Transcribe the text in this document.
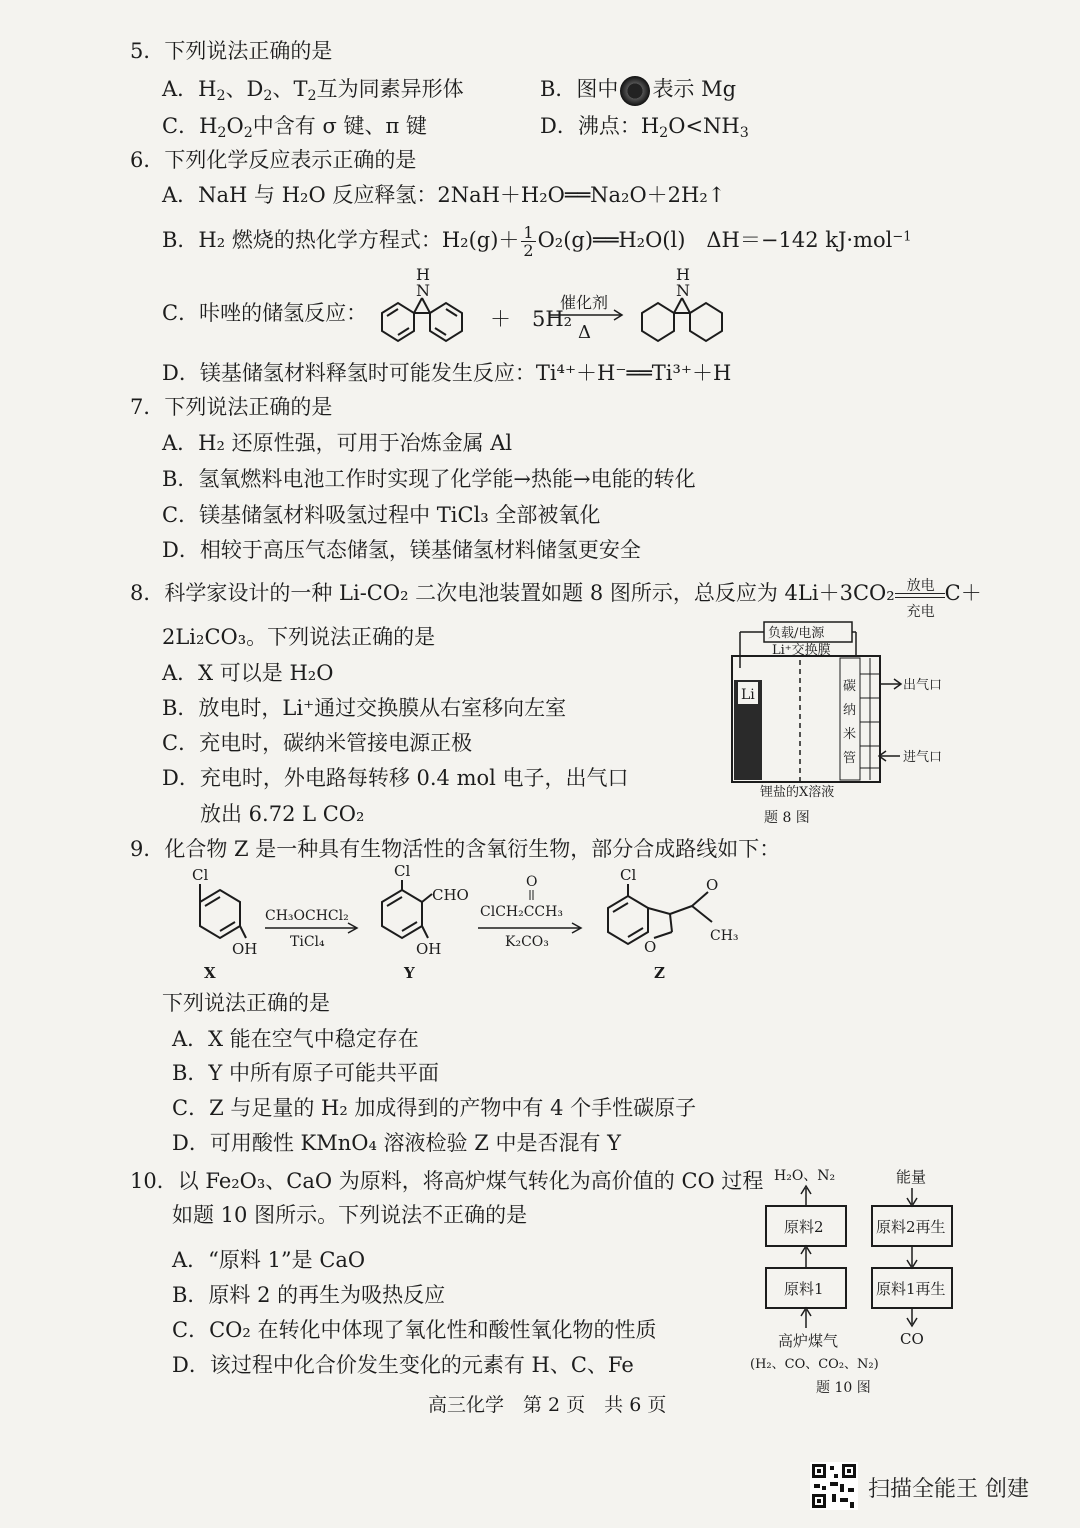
5．下列说法正确的是
A．$H_2$、$D_2$、$T_2$互为同素异形体	B．图中 表示 Mg
C．$H_2O_2$中含有 σ 键、π 键	D．沸点：$H_2O<NH_3$
6．下列化学反应表示正确的是
A．NaH 与 H₂O 反应释氢：2NaH＋H₂O══Na₂O＋2H₂↑
B．H₂ 燃烧的热化学方程式：$H_2(g)+ \frac{1}{2}$ O₂(g)══H₂O(l)　ΔH＝−142 kJ·mol$^{-1}$
C．咔唑的储氢反应：
N
H
＋　5H₂
催化剂
Δ
N
H
D．镁基储氢材料释氢时可能发生反应：Ti⁴⁺＋H⁻══Ti³⁺＋H
7．下列说法正确的是
A．H₂ 还原性强，可用于冶炼金属 Al
B．氢氧燃料电池工作时实现了化学能→热能→电能的转化
C．镁基储氢材料吸氢过程中 TiCl₃ 全部被氧化
D．相较于高压气态储氢，镁基储氢材料储氢更安全
8．科学家设计的一种 Li-CO₂ 二次电池装置如题 8 图所示，总反应为 4Li＋3CO₂ 放电
充电
C＋
2Li₂CO₃。下列说法正确的是
A．X 可以是 H₂O
B．放电时，Li⁺通过交换膜从右室移向左室
C．充电时，碳纳米管接电源正极
D．充电时，外电路每转移 0.4 mol 电子，出气口
放出 6.72 L CO₂
负载/电源
Li⁺交换膜
Li
碳
纳
米
管
出气口
进气口
锂盐的X溶液
题 8 图
9．化合物 Z 是一种具有生物活性的含氧衍生物，部分合成路线如下：
Cl
OH
X
CH₃OCHCl₂
TiCl₄
Cl
CHO
OH
Y
O
ClCH₂CCH₃
K₂CO₃
Cl
O
O
CH₃
Z
下列说法正确的是
A．X 能在空气中稳定存在
B．Y 中所有原子可能共平面
C．Z 与足量的 H₂ 加成得到的产物中有 4 个手性碳原子
D．可用酸性 KMnO₄ 溶液检验 Z 中是否混有 Y
10．以 Fe₂O₃、CaO 为原料，将高炉煤气转化为高价值的 CO 过程
如题 10 图所示。下列说法不正确的是
A．“原料 1”是 CaO
B．原料 2 的再生为吸热反应
C．CO₂ 在转化中体现了氧化性和酸性氧化物的性质
D．该过程中化合价发生变化的元素有 H、C、Fe
H₂O、N₂	能量
原料2	原料2再生
原料1	原料1再生
高炉煤气
(H₂、CO、CO₂、N₂)
CO
题 10 图
高三化学　第 2 页　共 6 页
扫描全能王 创建
